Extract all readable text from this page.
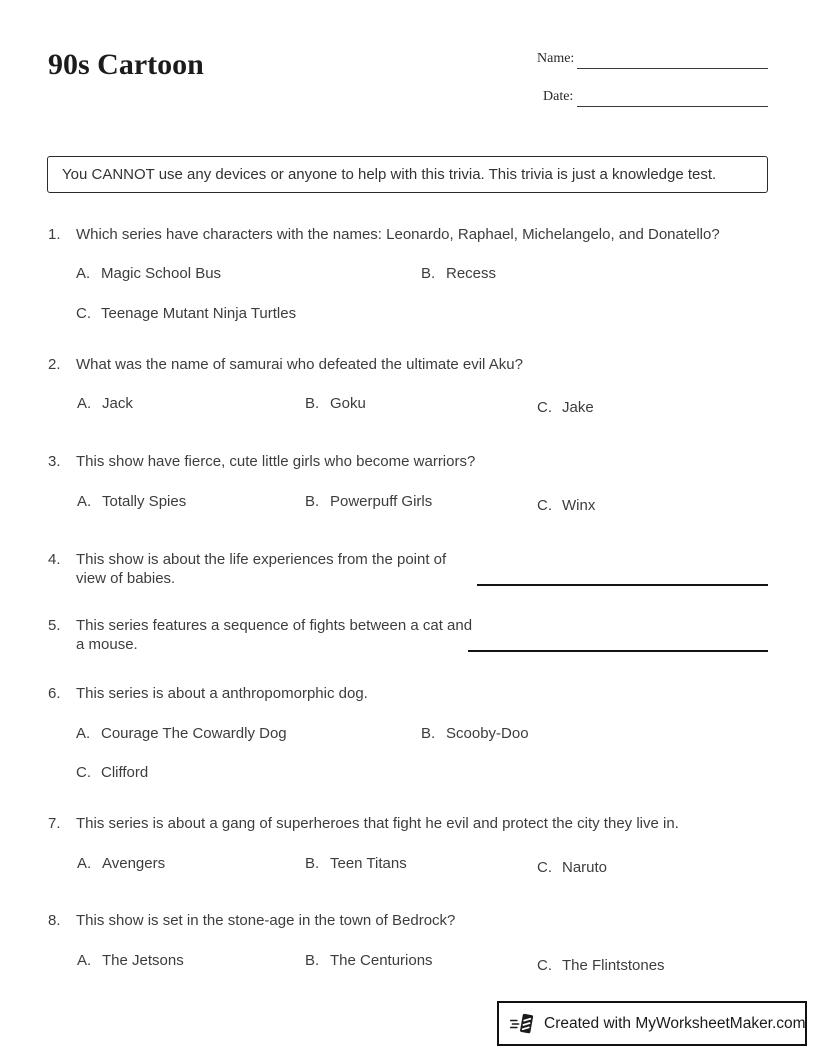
90s Cartoon	Name:
Date:
You CANNOT use any devices or anyone to help with this trivia. This trivia is just a knowledge test.
1.	Which series have characters with the names: Leonardo, Raphael, Michelangelo, and Donatello?
A. Magic School Bus	B. Recess
C. Teenage Mutant Ninja Turtles
2.	What was the name of samurai who defeated the ultimate evil Aku?
A. Jack	B. Goku	C. Jake
3.	This show have fierce, cute little girls who become warriors?
A. Totally Spies	B. Powerpuff Girls	C. Winx
4.	This show is about the life experiences from the point of view of babies.
5.	This series features a sequence of fights between a cat and a mouse.
6.	This series is about a anthropomorphic dog.
A. Courage The Cowardly Dog	B. Scooby-Doo
C. Clifford
7.	This series is about a gang of superheroes that fight he evil and protect the city they live in.
A. Avengers	B. Teen Titans	C. Naruto
8.	This show is set in the stone-age in the town of Bedrock?
A. The Jetsons	B. The Centurions	C. The Flintstones
Created with MyWorksheetMaker.com
